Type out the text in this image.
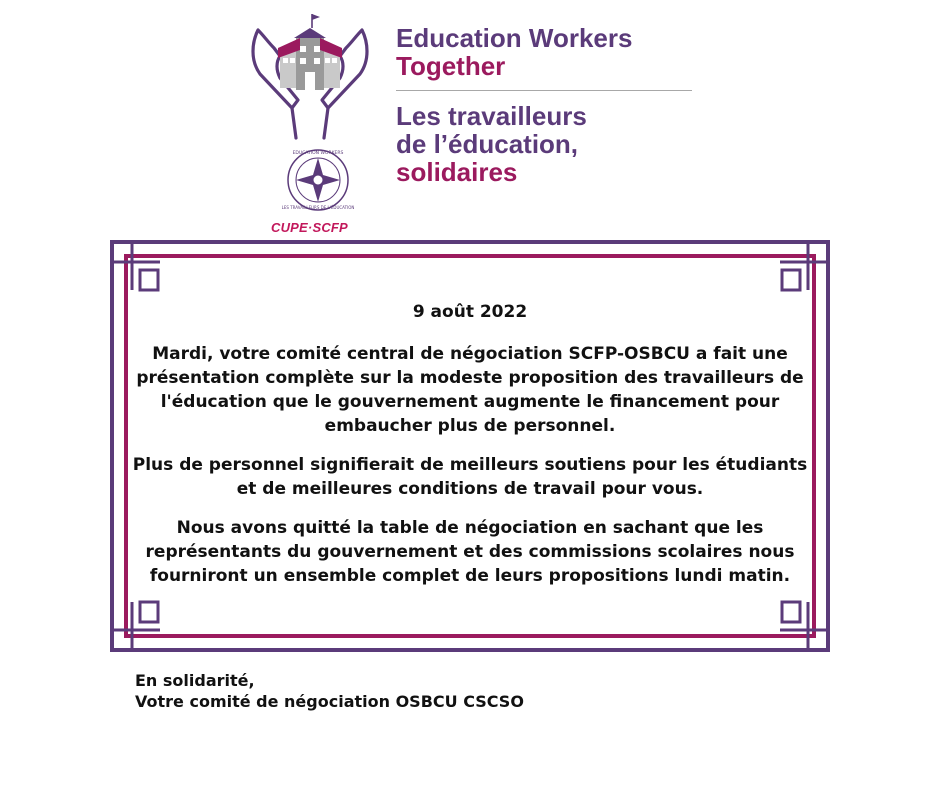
EDUCATION WORKERS
LES TRAVAILLEURS DE L'ÉDUCATION
CUPE·SCFP
Education Workers
Together
Les travailleurs
de l’éducation,
solidaires

9 août 2022

Mardi, votre comité central de négociation SCFP-OSBCU a fait une présentation complète sur la modeste proposition des travailleurs de l'éducation que le gouvernement augmente le financement pour embaucher plus de personnel.

Plus de personnel signifierait de meilleurs soutiens pour les étudiants et de meilleures conditions de travail pour vous.

Nous avons quitté la table de négociation en sachant que les représentants du gouvernement et des commissions scolaires nous fourniront un ensemble complet de leurs propositions lundi matin.

En solidarité,
Votre comité de négociation OSBCU CSCSO
